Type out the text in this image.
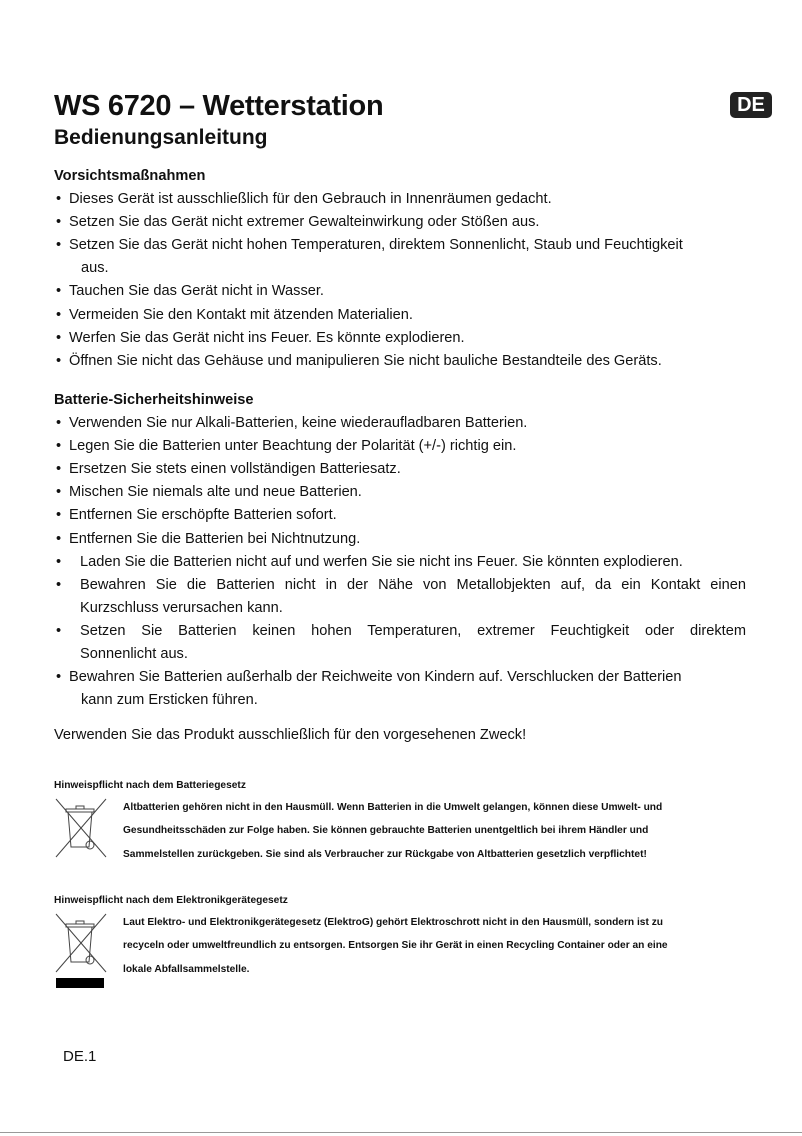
WS 6720 – Wetterstation
Bedienungsanleitung
DE
Vorsichtsmaßnahmen
• Dieses Gerät ist ausschließlich für den Gebrauch in Innenräumen gedacht.
• Setzen Sie das Gerät nicht extremer Gewalteinwirkung oder Stößen aus.
• Setzen Sie das Gerät nicht hohen Temperaturen, direktem Sonnenlicht, Staub und Feuchtigkeit
aus.
• Tauchen Sie das Gerät nicht in Wasser.
• Vermeiden Sie den Kontakt mit ätzenden Materialien.
• Werfen Sie das Gerät nicht ins Feuer. Es könnte explodieren.
• Öffnen Sie nicht das Gehäuse und manipulieren Sie nicht bauliche Bestandteile des Geräts.
Batterie-Sicherheitshinweise
• Verwenden Sie nur Alkali-Batterien, keine wiederaufladbaren Batterien.
• Legen Sie die Batterien unter Beachtung der Polarität (+/-) richtig ein.
• Ersetzen Sie stets einen vollständigen Batteriesatz.
• Mischen Sie niemals alte und neue Batterien.
• Entfernen Sie erschöpfte Batterien sofort.
• Entfernen Sie die Batterien bei Nichtnutzung.
• Laden Sie die Batterien nicht auf und werfen Sie sie nicht ins Feuer. Sie könnten explodieren.
• Bewahren Sie die Batterien nicht in der Nähe von Metallobjekten auf, da ein Kontakt einen
Kurzschluss verursachen kann.
• Setzen Sie Batterien keinen hohen Temperaturen, extremer Feuchtigkeit oder direktem
Sonnenlicht aus.
• Bewahren Sie Batterien außerhalb der Reichweite von Kindern auf. Verschlucken der Batterien
kann zum Ersticken führen.
Verwenden Sie das Produkt ausschließlich für den vorgesehenen Zweck!

Hinweispflicht nach dem Batteriegesetz

Altbatterien gehören nicht in den Hausmüll. Wenn Batterien in die Umwelt gelangen, können diese Umwelt- und
Gesundheitsschäden zur Folge haben. Sie können gebrauchte Batterien unentgeltlich bei ihrem Händler und
Sammelstellen zurückgeben. Sie sind als Verbraucher zur Rückgabe von Altbatterien gesetzlich verpflichtet!

Hinweispflicht nach dem Elektronikgerätegesetz

Laut Elektro- und Elektronikgerätegesetz (ElektroG) gehört Elektroschrott nicht in den Hausmüll, sondern ist zu
recyceln oder umweltfreundlich zu entsorgen. Entsorgen Sie ihr Gerät in einen Recycling Container oder an eine
lokale Abfallsammelstelle.
DE.1
